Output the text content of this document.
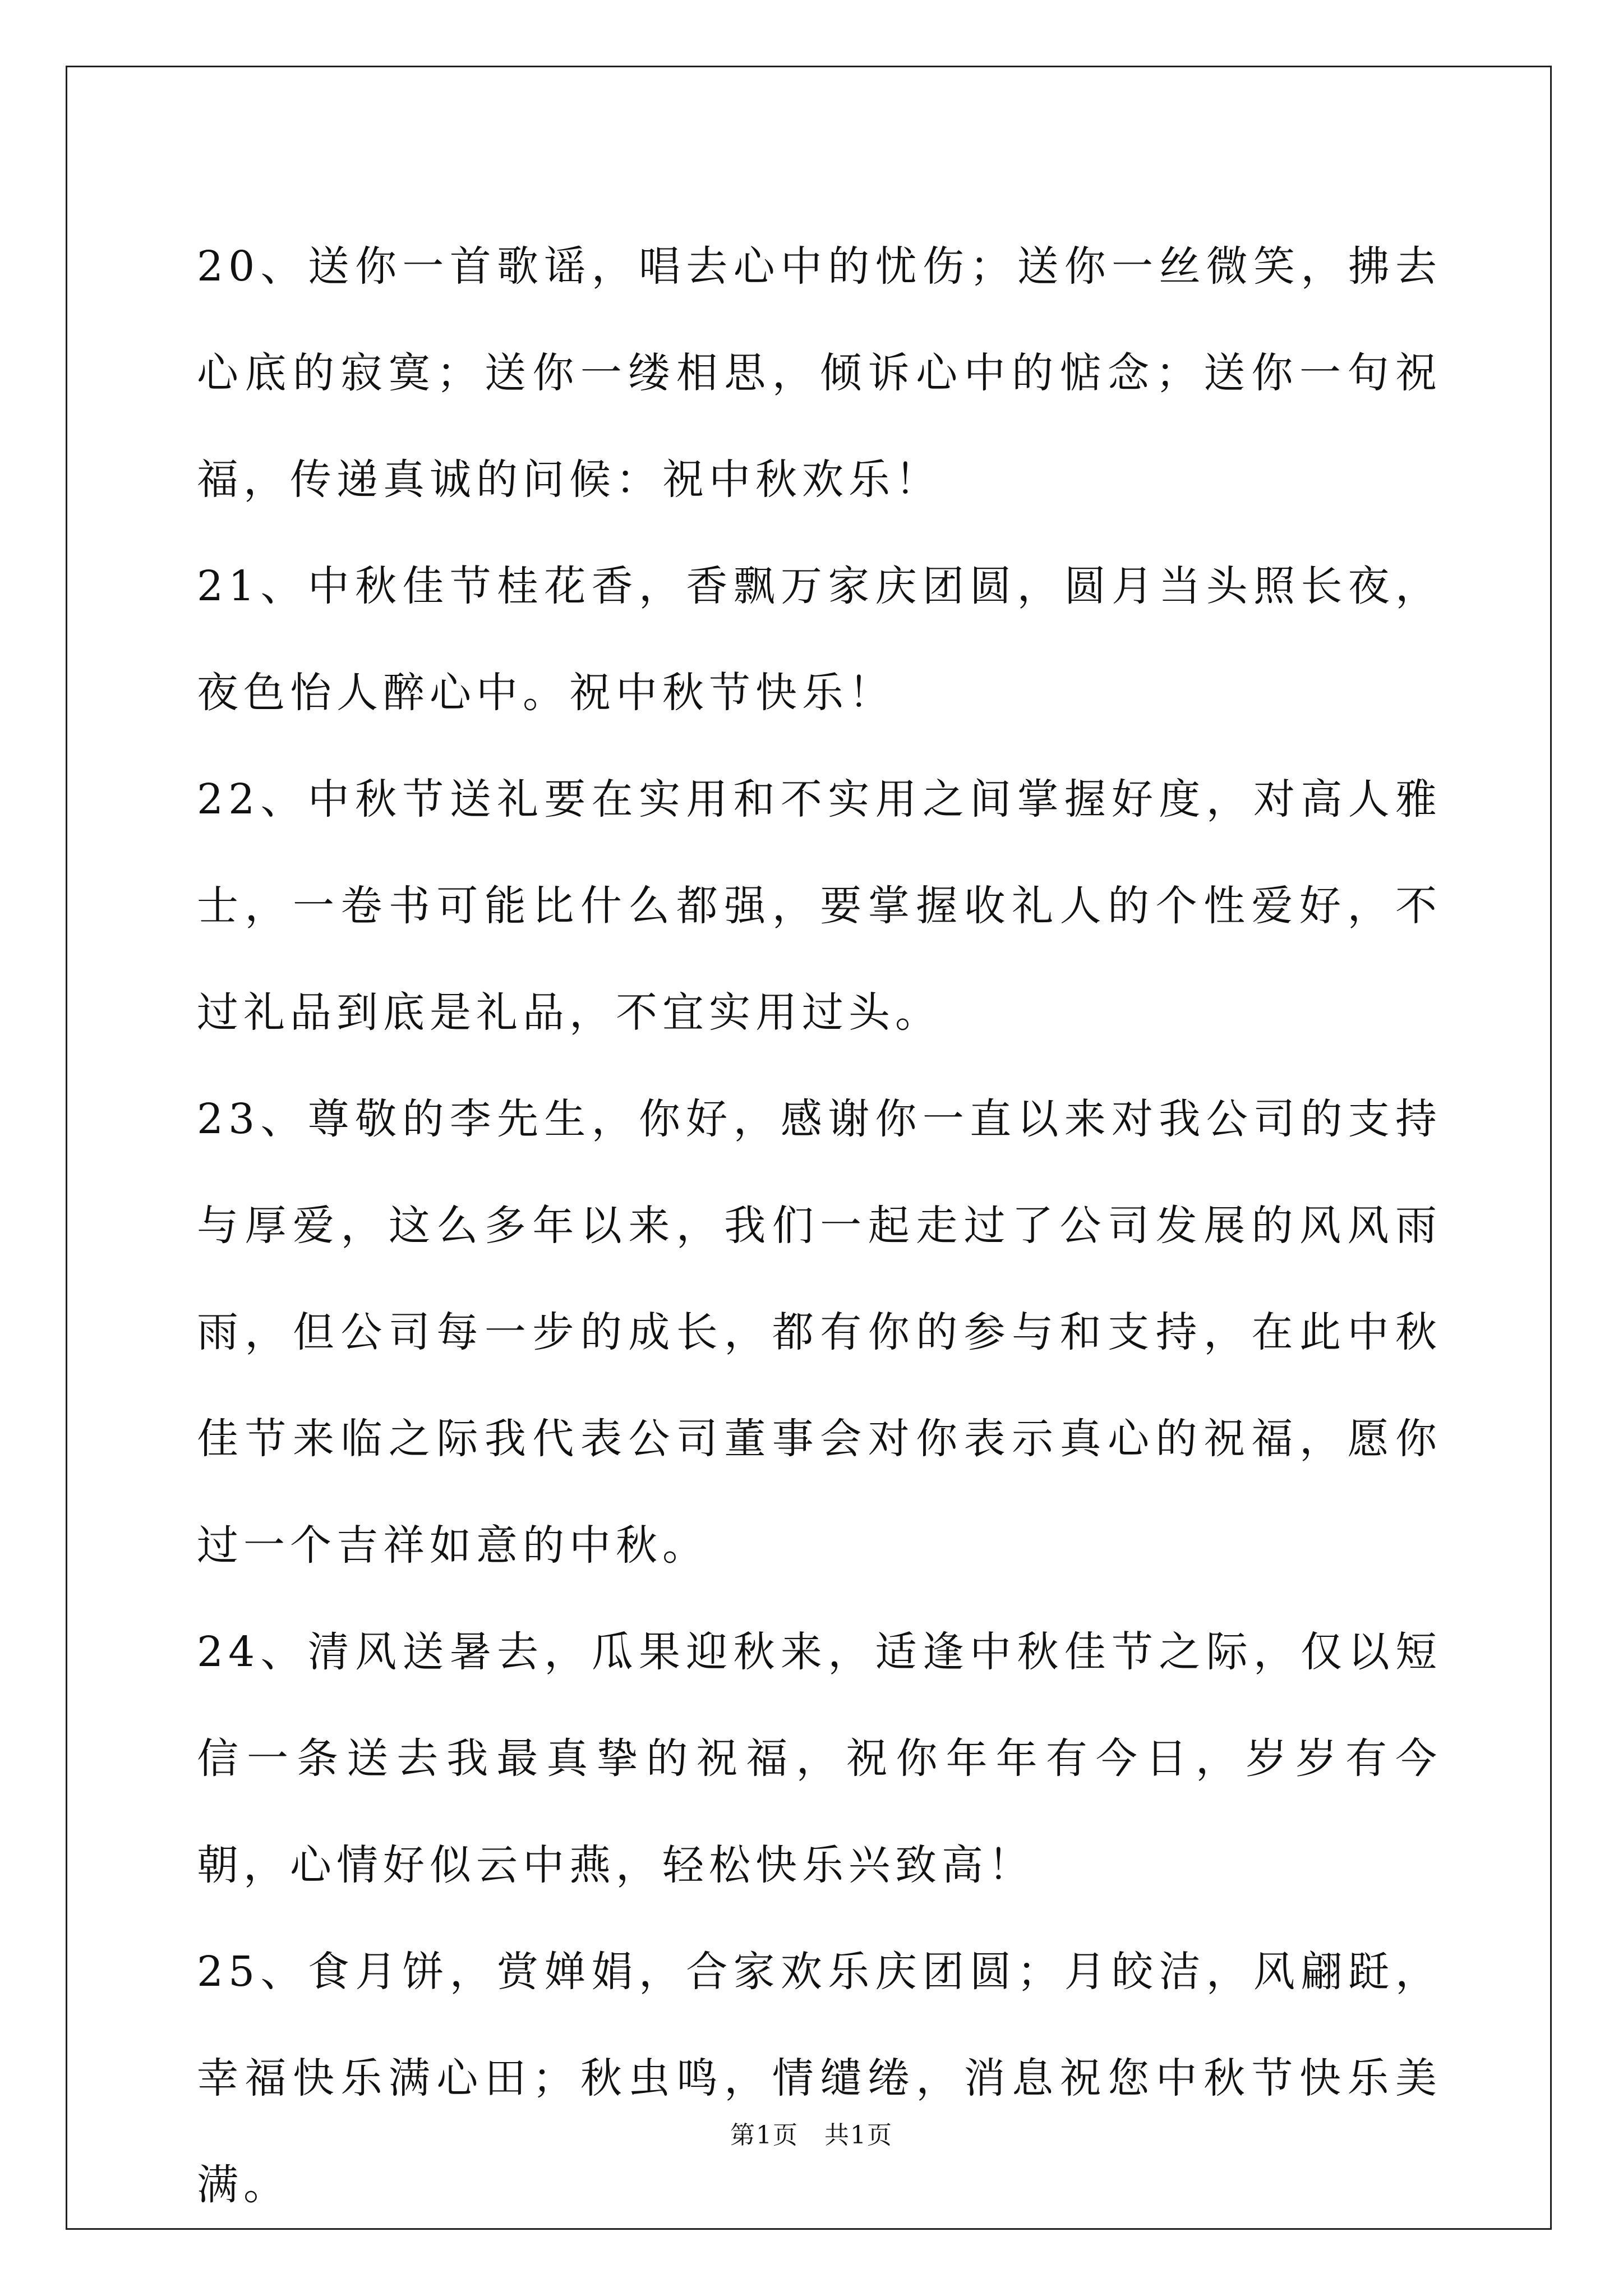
20、送你一首歌谣，唱去心中的忧伤；送你一丝微笑，拂去心底的寂寞；送你一缕相思，倾诉心中的惦念；送你一句祝福，传递真诚的问候：祝中秋欢乐！

21、中秋佳节桂花香，香飘万家庆团圆，圆月当头照长夜，夜色怡人醉心中。祝中秋节快乐！

22、中秋节送礼要在实用和不实用之间掌握好度，对高人雅士，一卷书可能比什么都强，要掌握收礼人的个性爱好，不过礼品到底是礼品，不宜实用过头。

23、尊敬的李先生，你好，感谢你一直以来对我公司的支持与厚爱，这么多年以来，我们一起走过了公司发展的风风雨雨，但公司每一步的成长，都有你的参与和支持，在此中秋佳节来临之际我代表公司董事会对你表示真心的祝福，愿你过一个吉祥如意的中秋。

24、清风送暑去，瓜果迎秋来，适逢中秋佳节之际，仅以短信一条送去我最真挚的祝福，祝你年年有今日，岁岁有今朝，心情好似云中燕，轻松快乐兴致高！

25、食月饼，赏婵娟，合家欢乐庆团圆；月皎洁，风翩跹，幸福快乐满心田；秋虫鸣，情缱绻，消息祝您中秋节快乐美满。

第1页 共1页
